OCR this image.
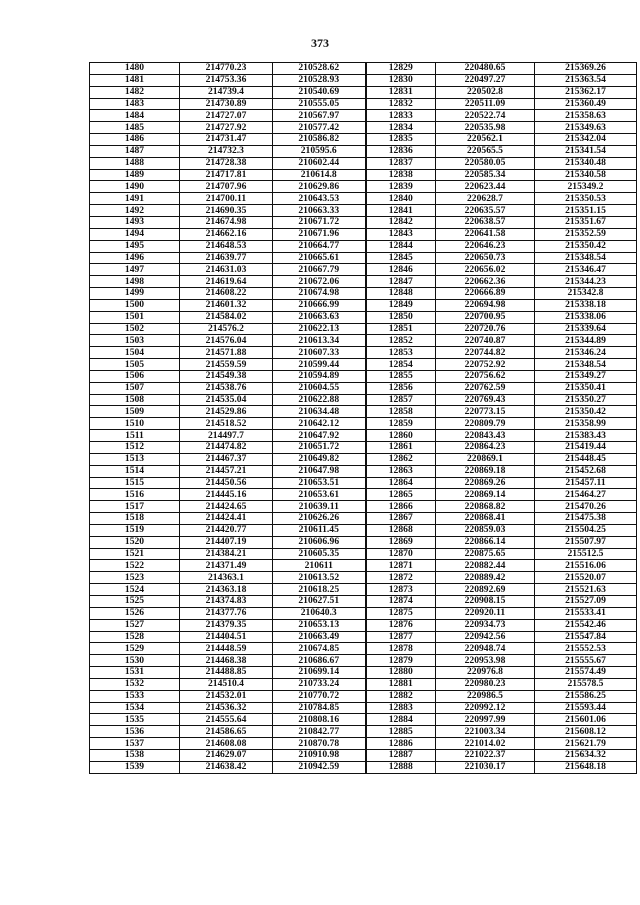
373
1480	214770.23	210528.62	12829	220480.65	215369.26
1481	214753.36	210528.93	12830	220497.27	215363.54
1482	214739.4	210540.69	12831	220502.8	215362.17
1483	214730.89	210555.05	12832	220511.09	215360.49
1484	214727.07	210567.97	12833	220522.74	215358.63
1485	214727.92	210577.42	12834	220535.98	215349.63
1486	214731.47	210586.82	12835	220562.1	215342.04
1487	214732.3	210595.6	12836	220565.5	215341.54
1488	214728.38	210602.44	12837	220580.05	215340.48
1489	214717.81	210614.8	12838	220585.34	215340.58
1490	214707.96	210629.86	12839	220623.44	215349.2
1491	214700.11	210643.53	12840	220628.7	215350.53
1492	214690.35	210663.33	12841	220635.57	215351.15
1493	214674.98	210671.72	12842	220638.57	215351.67
1494	214662.16	210671.96	12843	220641.58	215352.59
1495	214648.53	210664.77	12844	220646.23	215350.42
1496	214639.77	210665.61	12845	220650.73	215348.54
1497	214631.03	210667.79	12846	220656.02	215346.47
1498	214619.64	210672.06	12847	220662.36	215344.23
1499	214608.22	210674.98	12848	220666.89	215342.8
1500	214601.32	210666.99	12849	220694.98	215338.18
1501	214584.02	210663.63	12850	220700.95	215338.06
1502	214576.2	210622.13	12851	220720.76	215339.64
1503	214576.04	210613.34	12852	220740.87	215344.89
1504	214571.88	210607.33	12853	220744.82	215346.24
1505	214559.59	210599.44	12854	220752.92	215348.54
1506	214549.38	210594.89	12855	220756.62	215349.27
1507	214538.76	210604.55	12856	220762.59	215350.41
1508	214535.04	210622.88	12857	220769.43	215350.27
1509	214529.86	210634.48	12858	220773.15	215350.42
1510	214518.52	210642.12	12859	220809.79	215358.99
1511	214497.7	210647.92	12860	220843.43	215383.43
1512	214474.82	210651.72	12861	220864.23	215419.44
1513	214467.37	210649.82	12862	220869.1	215448.45
1514	214457.21	210647.98	12863	220869.18	215452.68
1515	214450.56	210653.51	12864	220869.26	215457.11
1516	214445.16	210653.61	12865	220869.14	215464.27
1517	214424.65	210639.11	12866	220868.82	215470.26
1518	214424.41	210626.26	12867	220868.41	215475.38
1519	214420.77	210611.45	12868	220859.03	215504.25
1520	214407.19	210606.96	12869	220866.14	215507.97
1521	214384.21	210605.35	12870	220875.65	215512.5
1522	214371.49	210611	12871	220882.44	215516.06
1523	214363.1	210613.52	12872	220889.42	215520.07
1524	214363.18	210618.25	12873	220892.69	215521.63
1525	214374.83	210627.51	12874	220908.15	215527.09
1526	214377.76	210640.3	12875	220920.11	215533.41
1527	214379.35	210653.13	12876	220934.73	215542.46
1528	214404.51	210663.49	12877	220942.56	215547.84
1529	214448.59	210674.85	12878	220948.74	215552.53
1530	214468.38	210686.67	12879	220953.98	215555.67
1531	214488.85	210699.14	12880	220976.8	215574.49
1532	214510.4	210733.24	12881	220980.23	215578.5
1533	214532.01	210770.72	12882	220986.5	215586.25
1534	214536.32	210784.85	12883	220992.12	215593.44
1535	214555.64	210808.16	12884	220997.99	215601.06
1536	214586.65	210842.77	12885	221003.34	215608.12
1537	214608.08	210870.78	12886	221014.02	215621.79
1538	214629.07	210910.98	12887	221022.37	215634.32
1539	214638.42	210942.59	12888	221030.17	215648.18
